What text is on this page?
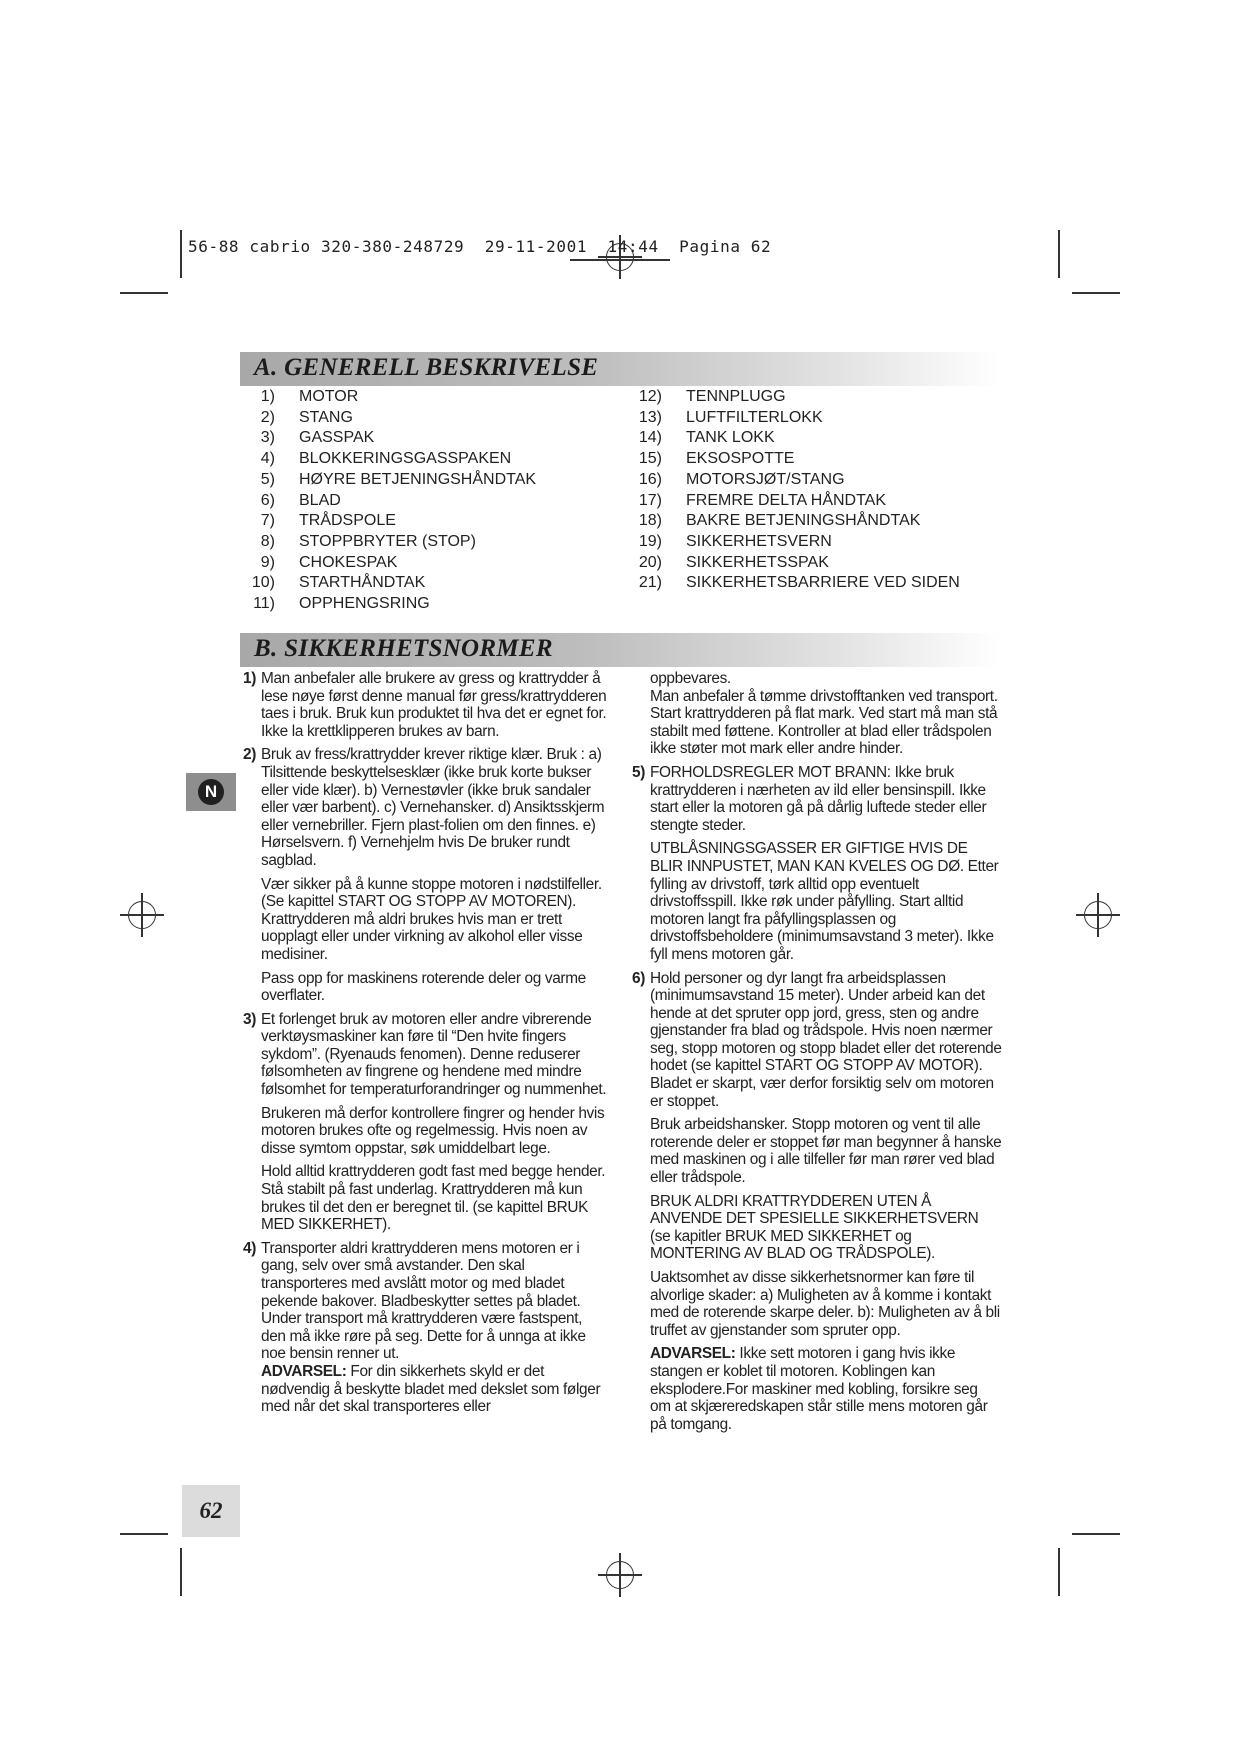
56-88 cabrio 320-380-248729  29-11-2001  14:44  Pagina 62
A. GENERELL BESKRIVELSE
1)	MOTOR
2)	STANG
3)	GASSPAK
4)	BLOKKERINGSGASSPAKEN
5)	HØYRE BETJENINGSHÅNDTAK
6)	BLAD
7)	TRÅDSPOLE
8)	STOPPBRYTER (STOP)
9)	CHOKESPAK
10)	STARTHÅNDTAK
11)	OPPHENGSRING
12)	TENNPLUGG
13)	LUFTFILTERLOKK
14)	TANK LOKK
15)	EKSOSPOTTE
16)	MOTORSJØT/STANG
17)	FREMRE DELTA HÅNDTAK
18)	BAKRE BETJENINGSHÅNDTAK
19)	SIKKERHETSVERN
20)	SIKKERHETSSPAK
21)	SIKKERHETSBARRIERE VED SIDEN
B. SIKKERHETSNORMER
N
1) Man anbefaler alle brukere av gress og krattrydder å lese nøye først denne manual før gress/krattrydderen taes i bruk. Bruk kun produktet til hva det er egnet for. Ikke la krettklipperen brukes av barn.
2) Bruk av fress/krattrydder krever riktige klær. Bruk : a) Tilsittende beskyttelsesklær (ikke bruk korte bukser eller vide klær). b) Vernestøvler (ikke bruk sandaler eller vær barbent). c) Vernehansker. d) Ansiktsskjerm eller vernebriller. Fjern plast-folien om den finnes. e) Hørselsvern. f) Vernehjelm hvis De bruker rundt sagblad.
Vær sikker på å kunne stoppe motoren i nødstilfeller. (Se kapittel START OG STOPP AV MOTOREN). Krattrydderen må aldri brukes hvis man er trett uopplagt eller under virkning av alkohol eller visse medisiner.
Pass opp for maskinens roterende deler og varme overflater.
3) Et forlenget bruk av motoren eller andre vibrerende verktøysmaskiner kan føre til “Den hvite fingers sykdom”. (Ryenauds fenomen). Denne reduserer følsomheten av fingrene og hendene med mindre følsomhet for temperaturforandringer og nummenhet.
Brukeren må derfor kontrollere fingrer og hender hvis motoren brukes ofte og regelmessig. Hvis noen av disse symtom oppstar, søk umiddelbart lege.
Hold alltid krattrydderen godt fast med begge hender. Stå stabilt på fast underlag. Krattrydderen må kun brukes til det den er beregnet til. (se kapittel BRUK MED SIKKERHET).
4) Transporter aldri krattrydderen mens motoren er i gang, selv over små avstander. Den skal transporteres med avslått motor og med bladet pekende bakover. Bladbeskytter settes på bladet. Under transport må krattrydderen være fastspent, den må ikke røre på seg. Dette for å unnga at ikke noe bensin renner ut.
ADVARSEL: For din sikkerhets skyld er det nødvendig å beskytte bladet med dekslet som følger med når det skal transporteres eller
oppbevares.
Man anbefaler å tømme drivstofftanken ved transport. Start krattrydderen på flat mark. Ved start må man stå stabilt med føttene. Kontroller at blad eller trådspolen ikke støter mot mark eller andre hinder.
5) FORHOLDSREGLER MOT BRANN: Ikke bruk krattrydderen i nærheten av ild eller bensinspill. Ikke start eller la motoren gå på dårlig luftede steder eller stengte steder.
UTBLÅSNINGSGASSER ER GIFTIGE HVIS DE BLIR INNPUSTET, MAN KAN KVELES OG DØ. Etter fylling av drivstoff, tørk alltid opp eventuelt drivstoffsspill. Ikke røk under påfylling. Start alltid motoren langt fra påfyllingsplassen og drivstoffsbeholdere (minimumsavstand 3 meter). Ikke fyll mens motoren går.
6) Hold personer og dyr langt fra arbeidsplassen (minimumsavstand 15 meter). Under arbeid kan det hende at det spruter opp jord, gress, sten og andre gjenstander fra blad og trådspole. Hvis noen nærmer seg, stopp motoren og stopp bladet eller det roterende hodet (se kapittel START OG STOPP AV MOTOR). Bladet er skarpt, vær derfor forsiktig selv om motoren er stoppet.
Bruk arbeidshansker. Stopp motoren og vent til alle roterende deler er stoppet før man begynner å hanske med maskinen og i alle tilfeller før man rører ved blad eller trådspole.
BRUK ALDRI KRATTRYDDEREN UTEN Å ANVENDE DET SPESIELLE SIKKERHETSVERN (se kapitler BRUK MED SIKKERHET og MONTERING AV BLAD OG TRÅDSPOLE).
Uaktsomhet av disse sikkerhetsnormer kan føre til alvorlige skader: a) Muligheten av å komme i kontakt med de roterende skarpe deler. b): Muligheten av å bli truffet av gjenstander som spruter opp.
ADVARSEL: Ikke sett motoren i gang hvis ikke stangen er koblet til motoren. Koblingen kan eksplodere.For maskiner med kobling, forsikre seg om at skjæreredskapen står stille mens motoren går på tomgang.
62
